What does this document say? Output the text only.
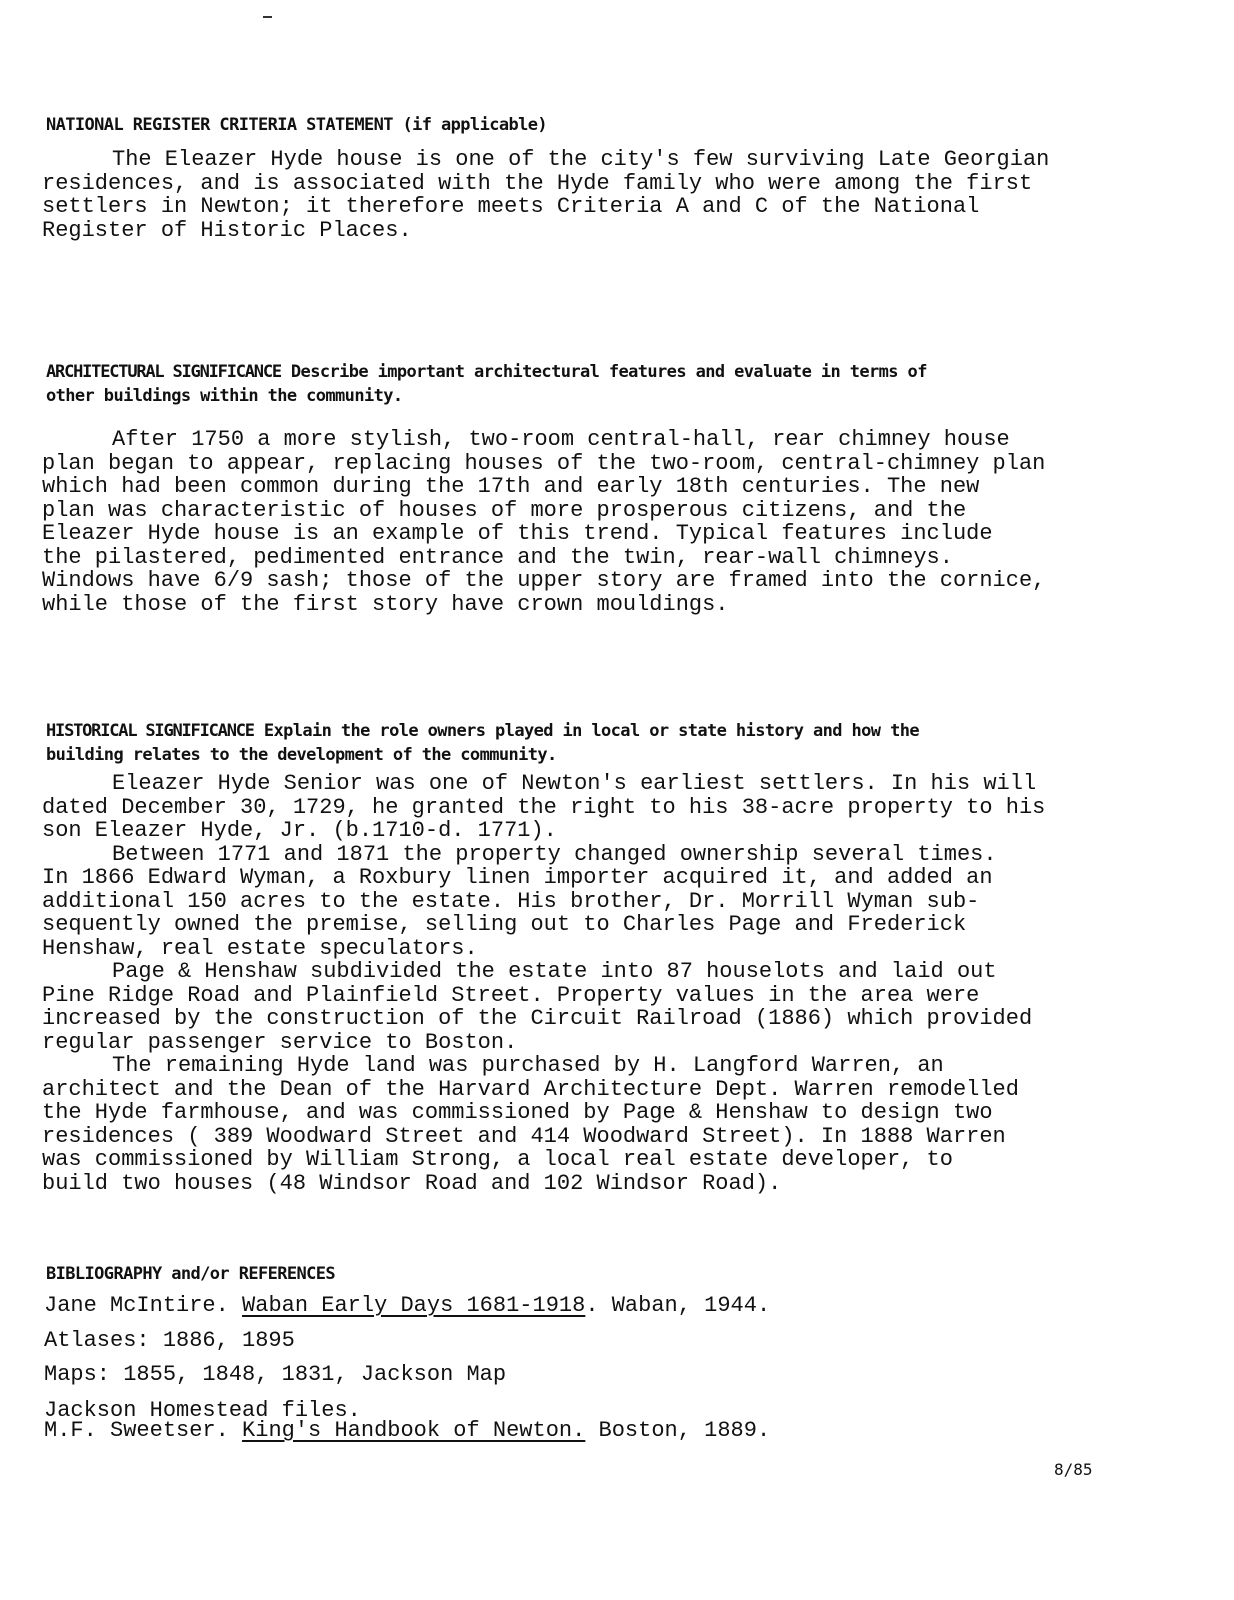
NATIONAL REGISTER CRITERIA STATEMENT (if applicable)
The Eleazer Hyde house is one of the city's few surviving Late Georgian
residences, and is associated with the Hyde family who were among the first
settlers in Newton; it therefore meets Criteria A and C of the National
Register of Historic Places.
ARCHITECTURAL SIGNIFICANCE Describe important architectural features and evaluate in terms of
other buildings within the community.
After 1750 a more stylish, two-room central-hall, rear chimney house
plan began to appear, replacing houses of the two-room, central-chimney plan
which had been common during the 17th and early 18th centuries. The new
plan was characteristic of houses of more prosperous citizens, and the
Eleazer Hyde house is an example of this trend. Typical features include
the pilastered, pedimented entrance and the twin, rear-wall chimneys.
Windows have 6/9 sash; those of the upper story are framed into the cornice,
while those of the first story have crown mouldings.
HISTORICAL SIGNIFICANCE Explain the role owners played in local or state history and how the
building relates to the development of the community.
Eleazer Hyde Senior was one of Newton's earliest settlers. In his will
dated December 30, 1729, he granted the right to his 38-acre property to his
son Eleazer Hyde, Jr. (b.1710-d. 1771).
Between 1771 and 1871 the property changed ownership several times.
In 1866 Edward Wyman, a Roxbury linen importer acquired it, and added an
additional 150 acres to the estate. His brother, Dr. Morrill Wyman sub-
sequently owned the premise, selling out to Charles Page and Frederick
Henshaw, real estate speculators.
Page & Henshaw subdivided the estate into 87 houselots and laid out
Pine Ridge Road and Plainfield Street. Property values in the area were
increased by the construction of the Circuit Railroad (1886) which provided
regular passenger service to Boston.
The remaining Hyde land was purchased by H. Langford Warren, an
architect and the Dean of the Harvard Architecture Dept. Warren remodelled
the Hyde farmhouse, and was commissioned by Page & Henshaw to design two
residences ( 389 Woodward Street and 414 Woodward Street). In 1888 Warren
was commissioned by William Strong, a local real estate developer, to
build two houses (48 Windsor Road and 102 Windsor Road).
BIBLIOGRAPHY and/or REFERENCES
Jane McIntire. Waban Early Days 1681-1918. Waban, 1944.
Atlases: 1886, 1895
Maps: 1855, 1848, 1831, Jackson Map
Jackson Homestead files.
M.F. Sweetser. King's Handbook of Newton. Boston, 1889.
8/85
